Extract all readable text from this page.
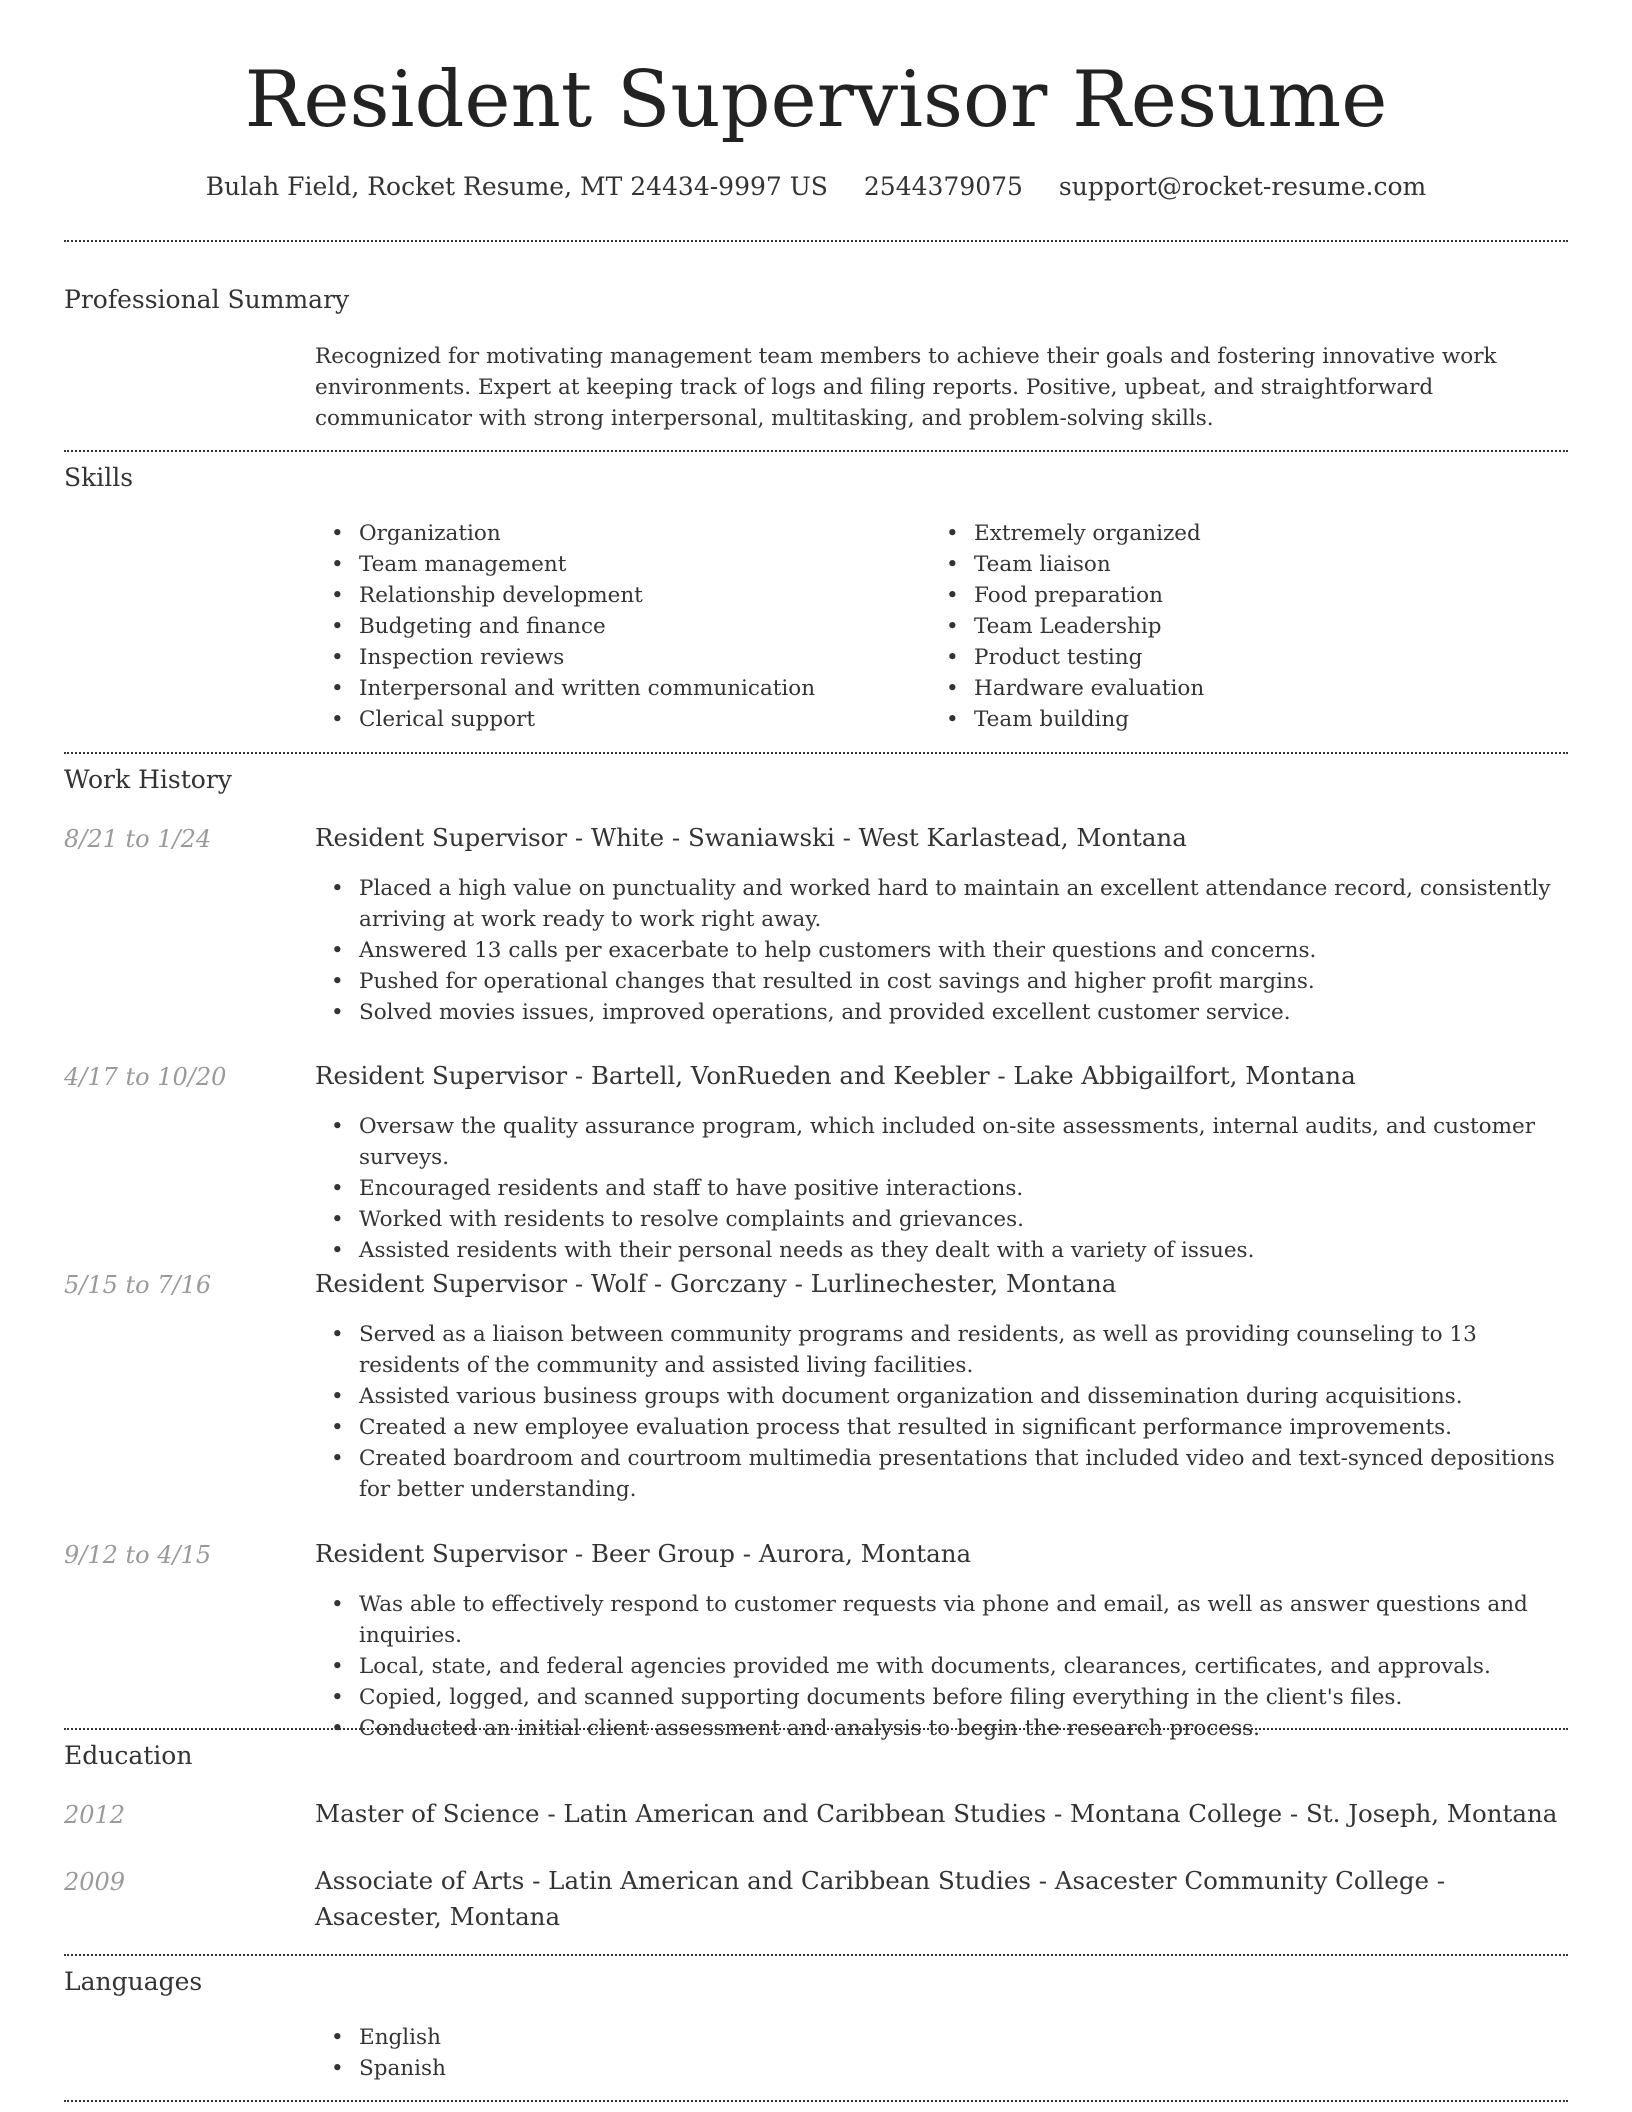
Resident Supervisor Resume
Bulah Field, Rocket Resume, MT 24434-9997 US 2544379075 support@rocket-resume.com
Professional Summary
Recognized for motivating management team members to achieve their goals and fostering innovative work environments. Expert at keeping track of logs and filing reports. Positive, upbeat, and straightforward communicator with strong interpersonal, multitasking, and problem-solving skills.
Skills
• Organization
• Team management
• Relationship development
• Budgeting and finance
• Inspection reviews
• Interpersonal and written communication
• Clerical support
• Extremely organized
• Team liaison
• Food preparation
• Team Leadership
• Product testing
• Hardware evaluation
• Team building
Work History
8/21 to 1/24	Resident Supervisor - White - Swaniawski - West Karlastead, Montana
• Placed a high value on punctuality and worked hard to maintain an excellent attendance record, consistently arriving at work ready to work right away.
• Answered 13 calls per exacerbate to help customers with their questions and concerns.
• Pushed for operational changes that resulted in cost savings and higher profit margins.
• Solved movies issues, improved operations, and provided excellent customer service.
4/17 to 10/20	Resident Supervisor - Bartell, VonRueden and Keebler - Lake Abbigailfort, Montana
• Oversaw the quality assurance program, which included on-site assessments, internal audits, and customer surveys.
• Encouraged residents and staff to have positive interactions.
• Worked with residents to resolve complaints and grievances.
• Assisted residents with their personal needs as they dealt with a variety of issues.
5/15 to 7/16	Resident Supervisor - Wolf - Gorczany - Lurlinechester, Montana
• Served as a liaison between community programs and residents, as well as providing counseling to 13 residents of the community and assisted living facilities.
• Assisted various business groups with document organization and dissemination during acquisitions.
• Created a new employee evaluation process that resulted in significant performance improvements.
• Created boardroom and courtroom multimedia presentations that included video and text-synced depositions for better understanding.
9/12 to 4/15	Resident Supervisor - Beer Group - Aurora, Montana
• Was able to effectively respond to customer requests via phone and email, as well as answer questions and inquiries.
• Local, state, and federal agencies provided me with documents, clearances, certificates, and approvals.
• Copied, logged, and scanned supporting documents before filing everything in the client's files.
• Conducted an initial client assessment and analysis to begin the research process.
Education
2012	Master of Science - Latin American and Caribbean Studies - Montana College - St. Joseph, Montana
2009	Associate of Arts - Latin American and Caribbean Studies - Asacester Community College - Asacester, Montana
Languages
• English
• Spanish
